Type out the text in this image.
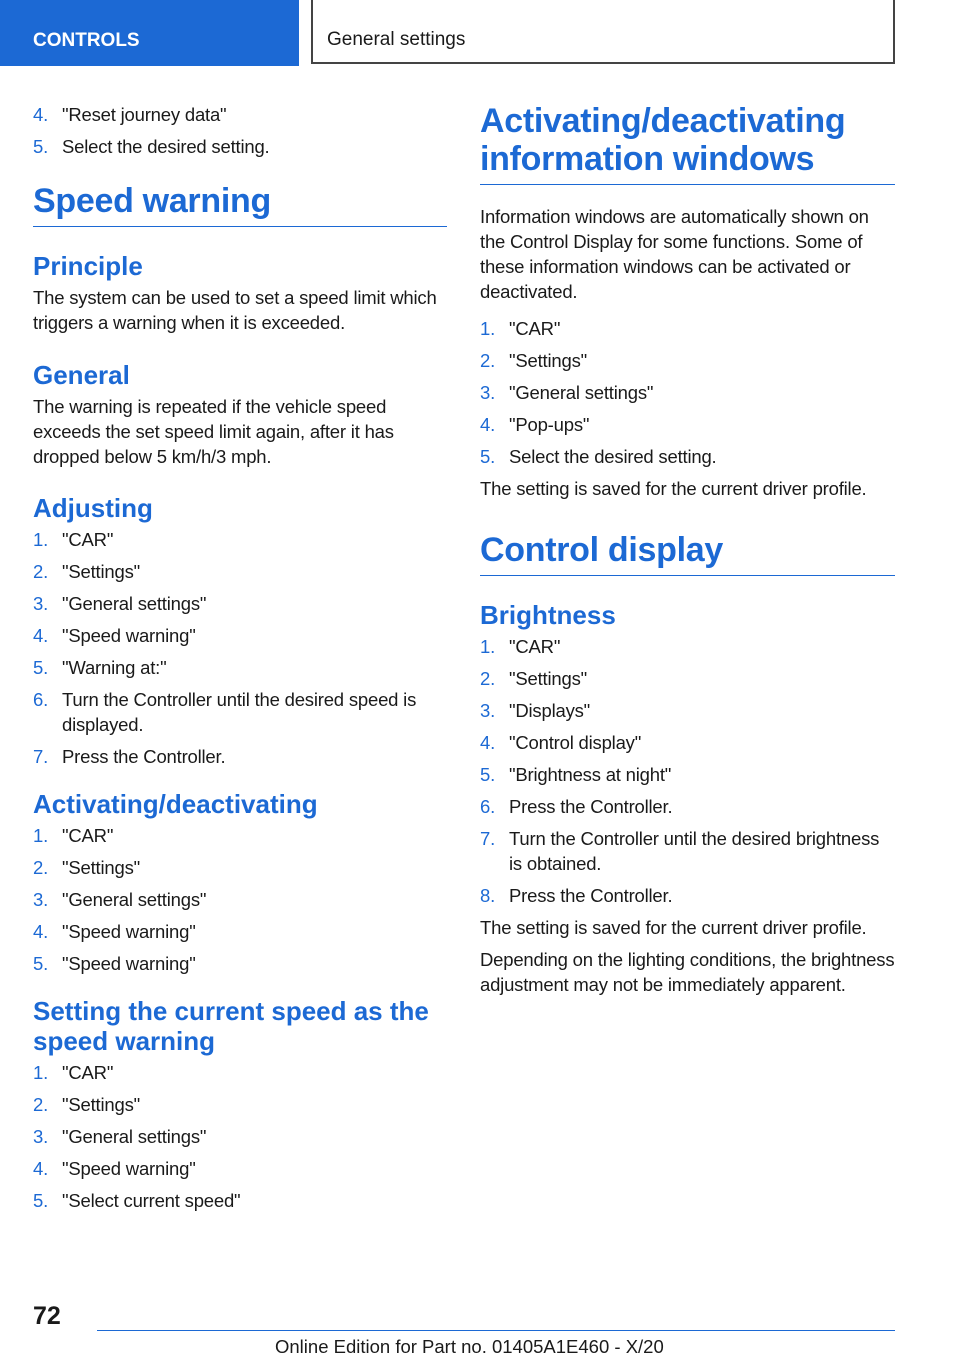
CONTROLS	General settings
4. "Reset journey data"
5. Select the desired setting.
Speed warning
Principle

The system can be used to set a speed limit which triggers a warning when it is exceeded.

General

The warning is repeated if the vehicle speed exceeds the set speed limit again, after it has dropped below 5 km/h/3 mph.

Adjusting
1. "CAR"
2. "Settings"
3. "General settings"
4. "Speed warning"
5. "Warning at:"
6. Turn the Controller until the desired speed is displayed.
7. Press the Controller.
Activating/deactivating
1. "CAR"
2. "Settings"
3. "General settings"
4. "Speed warning"
5. "Speed warning"
Setting the current speed as the speed warning
1. "CAR"
2. "Settings"
3. "General settings"
4. "Speed warning"
5. "Select current speed"
Activating/deactivating information windows

Information windows are automatically shown on the Control Display for some functions. Some of these information windows can be activated or deactivated.

1. "CAR"
2. "Settings"
3. "General settings"
4. "Pop-ups"
5. Select the desired setting.

The setting is saved for the current driver profile.

Control display
Brightness
1. "CAR"
2. "Settings"
3. "Displays"
4. "Control display"
5. "Brightness at night"
6. Press the Controller.
7. Turn the Controller until the desired brightness is obtained.
8. Press the Controller.

The setting is saved for the current driver profile.

Depending on the lighting conditions, the brightness adjustment may not be immediately apparent.

72
Online Edition for Part no. 01405A1E460 - X/20
